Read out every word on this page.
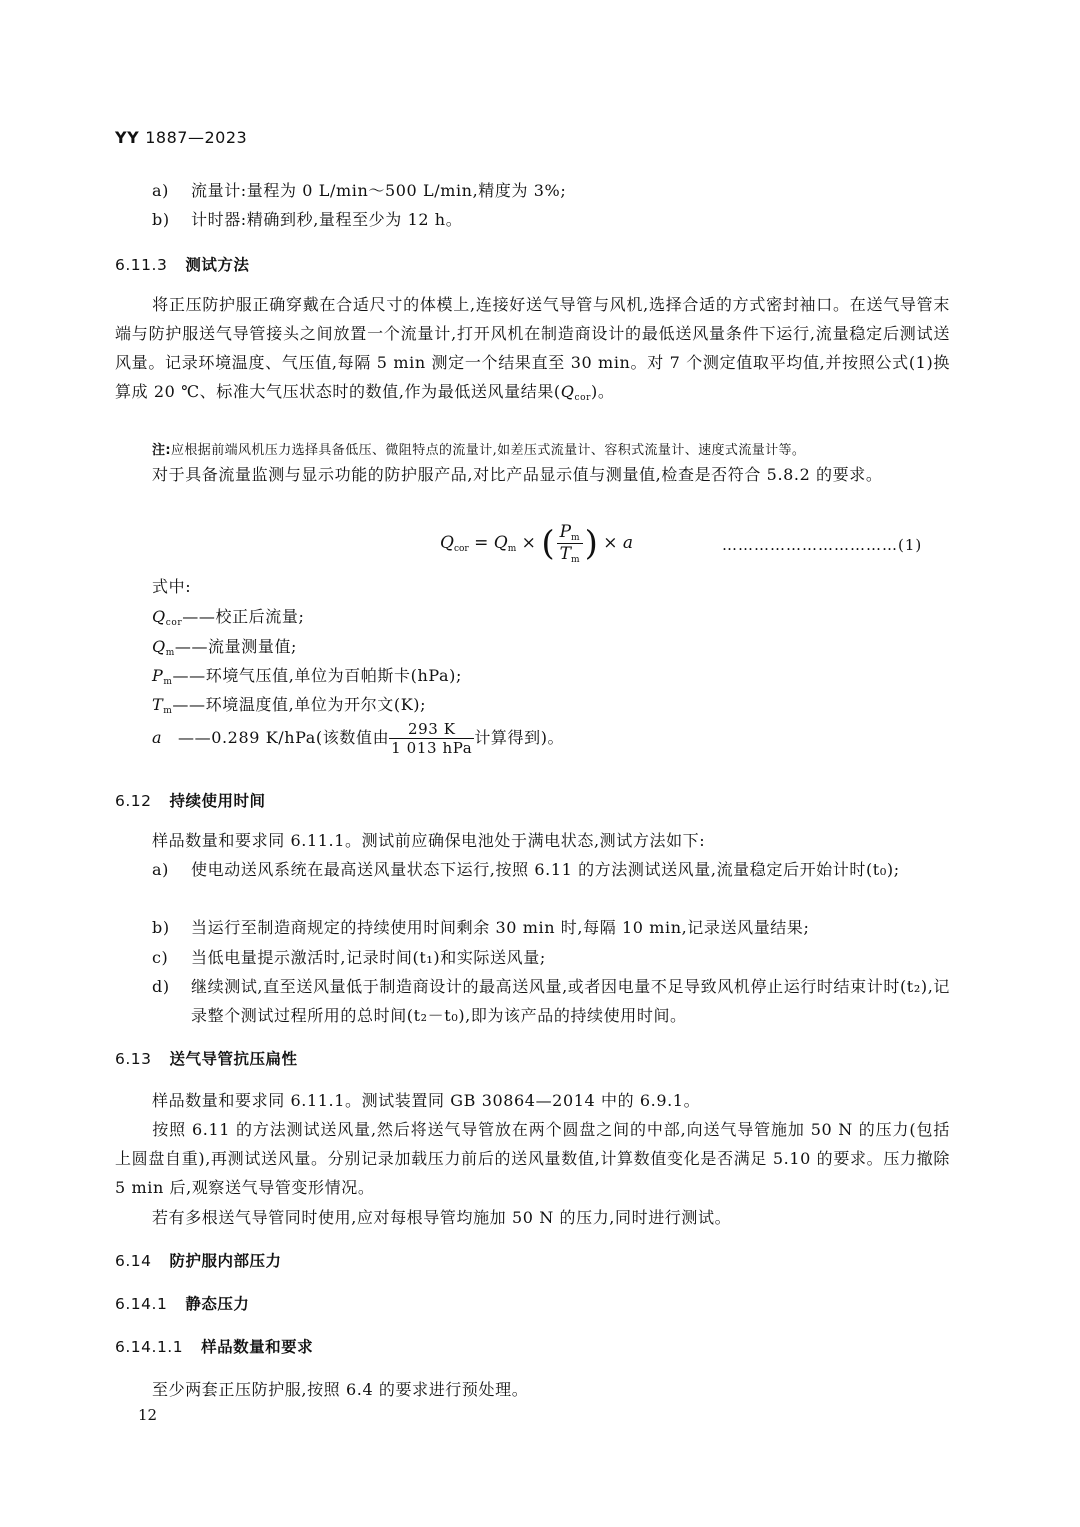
YY 1887—2023
a) 流量计:量程为 0 L/min～500 L/min,精度为 3%;
b) 计时器:精确到秒,量程至少为 12 h。
6.11.3 测试方法
将正压防护服正确穿戴在合适尺寸的体模上,连接好送气导管与风机,选择合适的方式密封袖口。在送气导管末端与防护服送气导管接头之间放置一个流量计,打开风机在制造商设计的最低送风量条件下运行,流量稳定后测试送风量。记录环境温度、气压值,每隔 5 min 测定一个结果直至 30 min。对 7 个测定值取平均值,并按照公式(1)换算成 20 ℃、标准大气压状态时的数值,作为最低送风量结果$(Q_{cor})$。
注:应根据前端风机压力选择具备低压、微阻特点的流量计,如差压式流量计、容积式流量计、速度式流量计等。
对于具备流量监测与显示功能的防护服产品,对比产品显示值与测量值,检查是否符合 5.8.2 的要求。
$Q_{cor} = Q_m$ × ( $\frac{P_m}{T_m}$ ) × a	……………………………(1)
式中:
$Q_{cor}——$校正后流量;
$Q_m——$流量测量值;
$P_m——$环境气压值,单位为百帕斯卡(hPa);
$T_m——$环境温度值,单位为开尔文(K);
a ——0.289 K/hPa(该数值由 $\frac{293 K}{\text{1 013 hPa}}$ 计算得到)。
6.12 持续使用时间
样品数量和要求同 6.11.1。测试前应确保电池处于满电状态,测试方法如下:
a) 使电动送风系统在最高送风量状态下运行,按照 6.11 的方法测试送风量,流量稳定后开始计时(t₀);
b) 当运行至制造商规定的持续使用时间剩余 30 min 时,每隔 10 min,记录送风量结果;
c) 当低电量提示激活时,记录时间(t₁)和实际送风量;
d) 继续测试,直至送风量低于制造商设计的最高送风量,或者因电量不足导致风机停止运行时结束计时(t₂),记录整个测试过程所用的总时间(t₂－t₀),即为该产品的持续使用时间。
6.13 送气导管抗压扁性
样品数量和要求同 6.11.1。测试装置同 GB 30864—2014 中的 6.9.1。
按照 6.11 的方法测试送风量,然后将送气导管放在两个圆盘之间的中部,向送气导管施加 50 N 的压力(包括上圆盘自重),再测试送风量。分别记录加载压力前后的送风量数值,计算数值变化是否满足 5.10 的要求。压力撤除 5 min 后,观察送气导管变形情况。
若有多根送气导管同时使用,应对每根导管均施加 50 N 的压力,同时进行测试。
6.14 防护服内部压力
6.14.1 静态压力
6.14.1.1 样品数量和要求
至少两套正压防护服,按照 6.4 的要求进行预处理。
12
